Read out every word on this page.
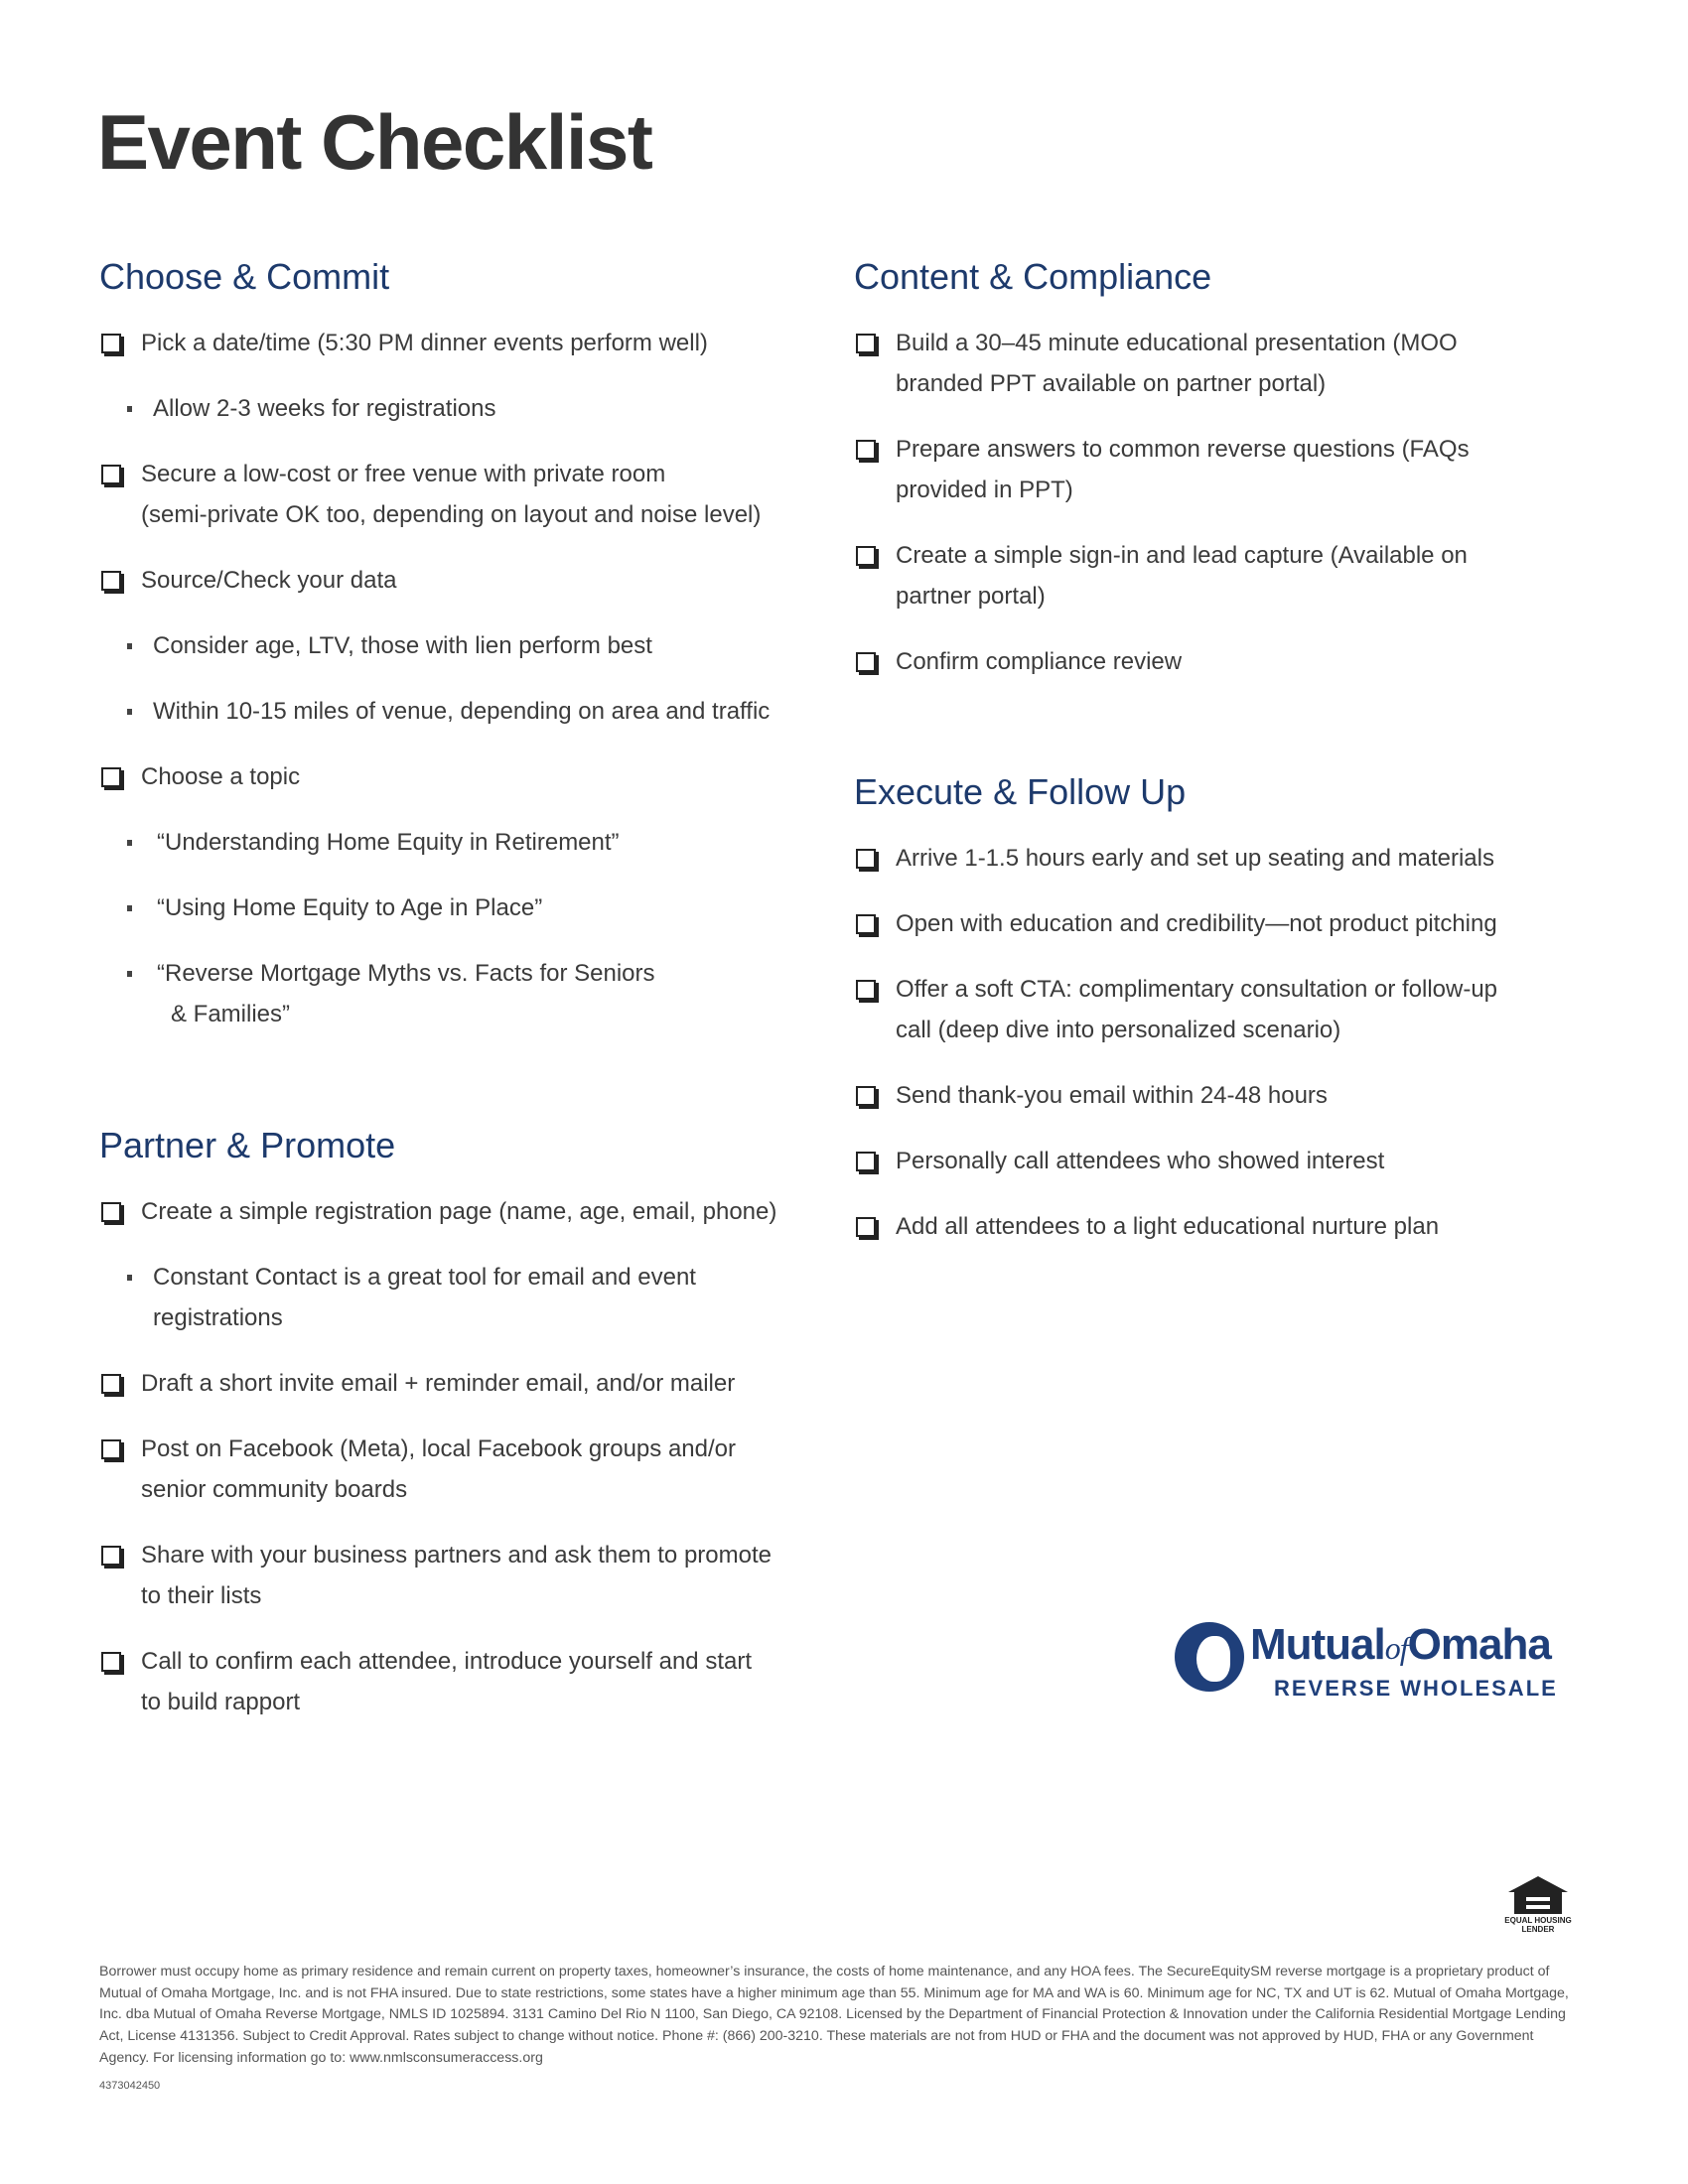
Event Checklist
Choose & Commit
Pick a date/time (5:30 PM dinner events perform well)
Allow 2-3 weeks for registrations
Secure a low-cost or free venue with private room
(semi-private OK too, depending on layout and noise level)
Source/Check your data
Consider age, LTV, those with lien perform best
Within 10-15 miles of venue, depending on area and traffic
Choose a topic
“Understanding Home Equity in Retirement”
“Using Home Equity to Age in Place”
“Reverse Mortgage Myths vs. Facts for Seniors
& Families”
Partner & Promote
Create a simple registration page (name, age, email, phone)
Constant Contact is a great tool for email and event
registrations
Draft a short invite email + reminder email, and/or mailer
Post on Facebook (Meta), local Facebook groups and/or
senior community boards
Share with your business partners and ask them to promote
to their lists
Call to confirm each attendee, introduce yourself and start
to build rapport
Content & Compliance
Build a 30–45 minute educational presentation (MOO
branded PPT available on partner portal)
Prepare answers to common reverse questions (FAQs
provided in PPT)
Create a simple sign-in and lead capture (Available on
partner portal)
Confirm compliance review
Execute & Follow Up
Arrive 1-1.5 hours early and set up seating and materials
Open with education and credibility—not product pitching
Offer a soft CTA: complimentary consultation or follow-up
call (deep dive into personalized scenario)
Send thank-you email within 24-48 hours
Personally call attendees who showed interest
Add all attendees to a light educational nurture plan
MutualofOmaha
REVERSE WHOLESALE
EQUAL HOUSING LENDER
Borrower must occupy home as primary residence and remain current on property taxes, homeowner’s insurance, the costs of home maintenance, and any HOA fees. The SecureEquitySM reverse mortgage is a proprietary product of Mutual of Omaha Mortgage, Inc. and is not FHA insured. Due to state restrictions, some states have a higher minimum age than 55. Minimum age for MA and WA is 60. Minimum age for NC, TX and UT is 62. Mutual of Omaha Mortgage, Inc. dba Mutual of Omaha Reverse Mortgage, NMLS ID 1025894. 3131 Camino Del Rio N 1100, San Diego, CA 92108. Licensed by the Department of Financial Protection & Innovation under the California Residential Mortgage Lending Act, License 4131356. Subject to Credit Approval. Rates subject to change without notice. Phone #: (866) 200-3210. These materials are not from HUD or FHA and the document was not approved by HUD, FHA or any Government Agency. For licensing information go to: www.nmlsconsumeraccess.org
4373042450
